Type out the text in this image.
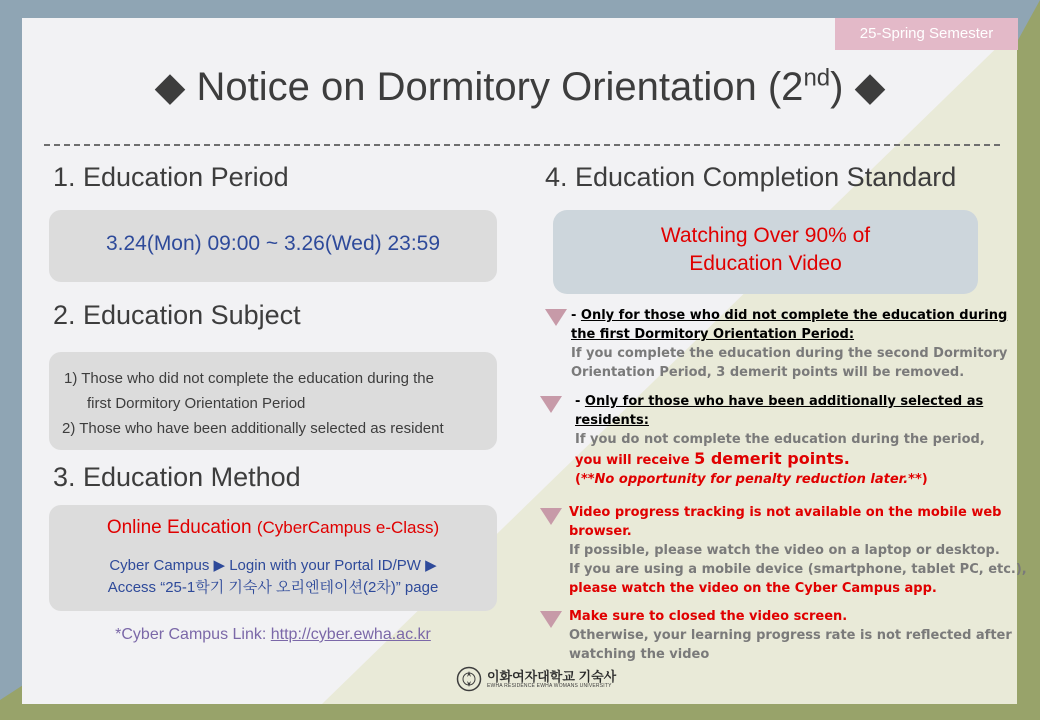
25-Spring Semester
◆ Notice on Dormitory Orientation (2nd) ◆
1. Education Period
3.24(Mon) 09:00 ~ 3.26(Wed) 23:59
2. Education Subject
1) Those who did not complete the education during the
first Dormitory Orientation Period
2) Those who have been additionally selected as resident
3. Education Method
Online Education (CyberCampus e-Class)
Cyber Campus ▶ Login with your Portal ID/PW ▶
Access “25-1학기 기숙사 오리엔테이션(2차)” page
*Cyber Campus Link: http://cyber.ewha.ac.kr
4. Education Completion Standard
Watching Over 90% of
Education Video
- Only for those who did not complete the education during
the first Dormitory Orientation Period:
If you complete the education during the second Dormitory
Orientation Period, 3 demerit points will be removed.
- Only for those who have been additionally selected as
residents:
If you do not complete the education during the period,
you will receive 5 demerit points.
(**No opportunity for penalty reduction later.**)
Video progress tracking is not available on the mobile web
browser.
If possible, please watch the video on a laptop or desktop.
If you are using a mobile device (smartphone, tablet PC, etc.),
please watch the video on the Cyber Campus app.
Make sure to closed the video screen.
Otherwise, your learning progress rate is not reflected after
watching the video
이화여자대학교 기숙사
EWHA RESIDENCE EWHA WOMANS UNIVERSITY
